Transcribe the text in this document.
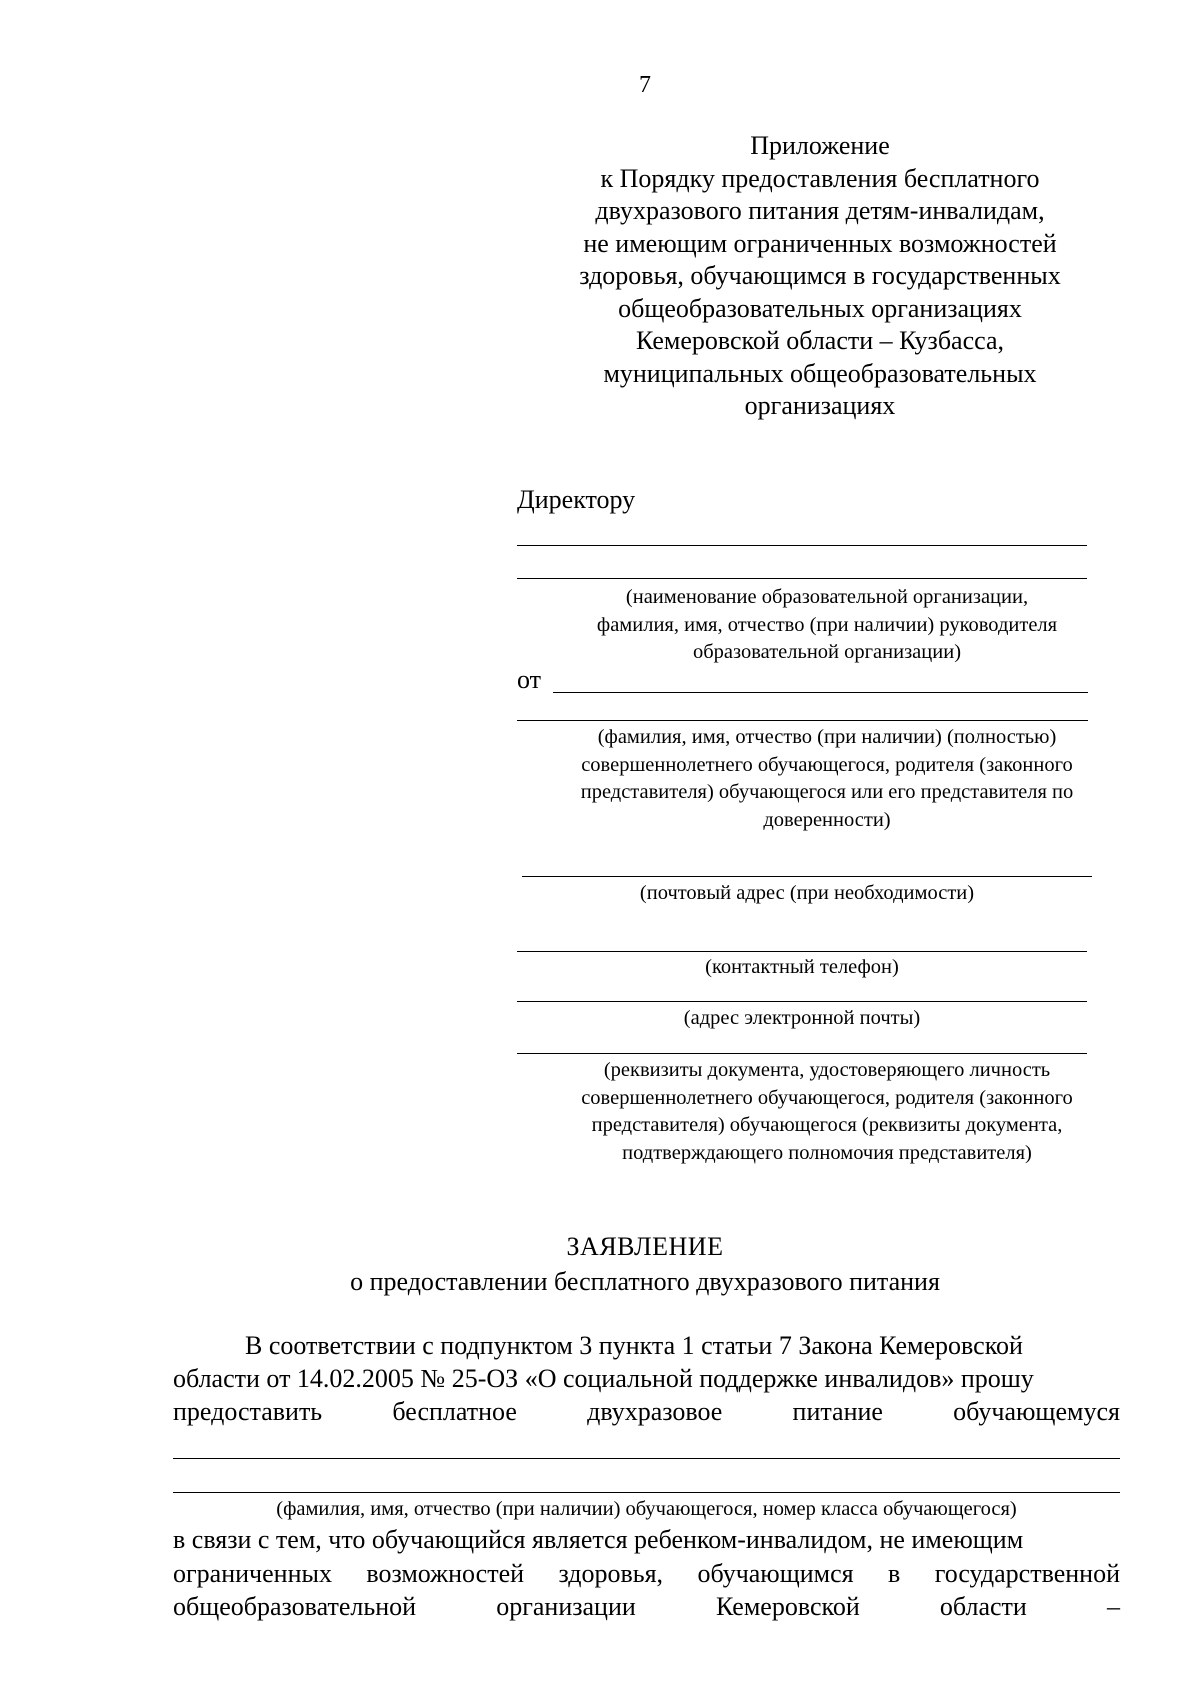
7
Приложение
к Порядку предоставления бесплатного
двухразового питания детям-инвалидам,
не имеющим ограниченных возможностей
здоровья, обучающимся в государственных
общеобразовательных организациях
Кемеровской области – Кузбасса,
муниципальных общеобразовательных
организациях
Директору
(наименование образовательной организации,
фамилия, имя, отчество (при наличии) руководителя
образовательной организации)
от
(фамилия, имя, отчество (при наличии) (полностью)
совершеннолетнего обучающегося, родителя (законного
представителя) обучающегося или его представителя по
доверенности)
(почтовый адрес (при необходимости)
(контактный телефон)
(адрес электронной почты)
(реквизиты документа, удостоверяющего личность
совершеннолетнего обучающегося, родителя (законного
представителя) обучающегося (реквизиты документа,
подтверждающего полномочия представителя)
ЗАЯВЛЕНИЕ
о предоставлении бесплатного двухразового питания
В соответствии с подпунктом 3 пункта 1 статьи 7 Закона Кемеровской
области от 14.02.2005 № 25-ОЗ «О социальной поддержке инвалидов» прошу
предоставить	бесплатное	двухразовое	питание	обучающемуся
(фамилия, имя, отчество (при наличии) обучающегося, номер класса обучающегося)
в связи с тем, что обучающийся является ребенком-инвалидом, не имеющим
ограниченных возможностей здоровья, обучающимся в государственной
общеобразовательной	организации	Кемеровской	области	–
